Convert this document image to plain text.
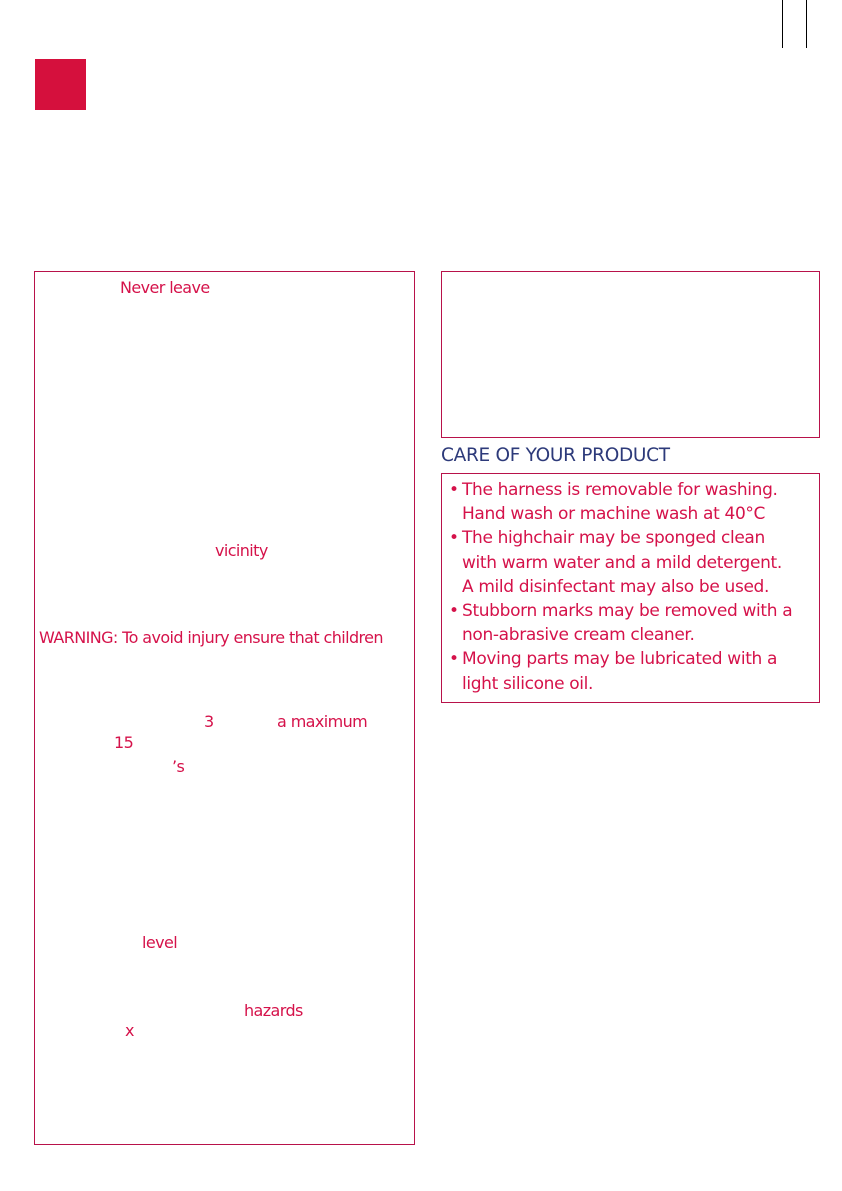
Never leave
vicinity
WARNING: To avoid injury ensure that children
3	a maximum
15
’s
level
hazards
x
CARE OF YOUR PRODUCT
• The harness is removable for washing.
Hand wash or machine wash at 40°C
• The highchair may be sponged clean
with warm water and a mild detergent.
A mild disinfectant may also be used.
• Stubborn marks may be removed with a
non-abrasive cream cleaner.
• Moving parts may be lubricated with a
light silicone oil.
